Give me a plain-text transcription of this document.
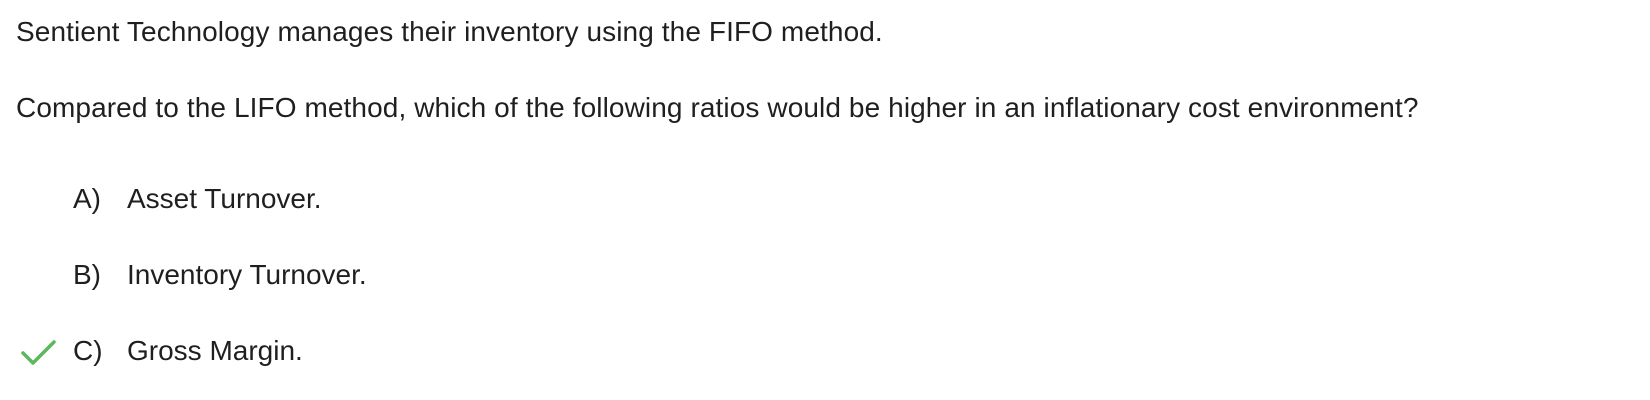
Sentient Technology manages their inventory using the FIFO method.
Compared to the LIFO method, which of the following ratios would be higher in an inflationary cost environment?
A) Asset Turnover.
B) Inventory Turnover.
C) Gross Margin.
